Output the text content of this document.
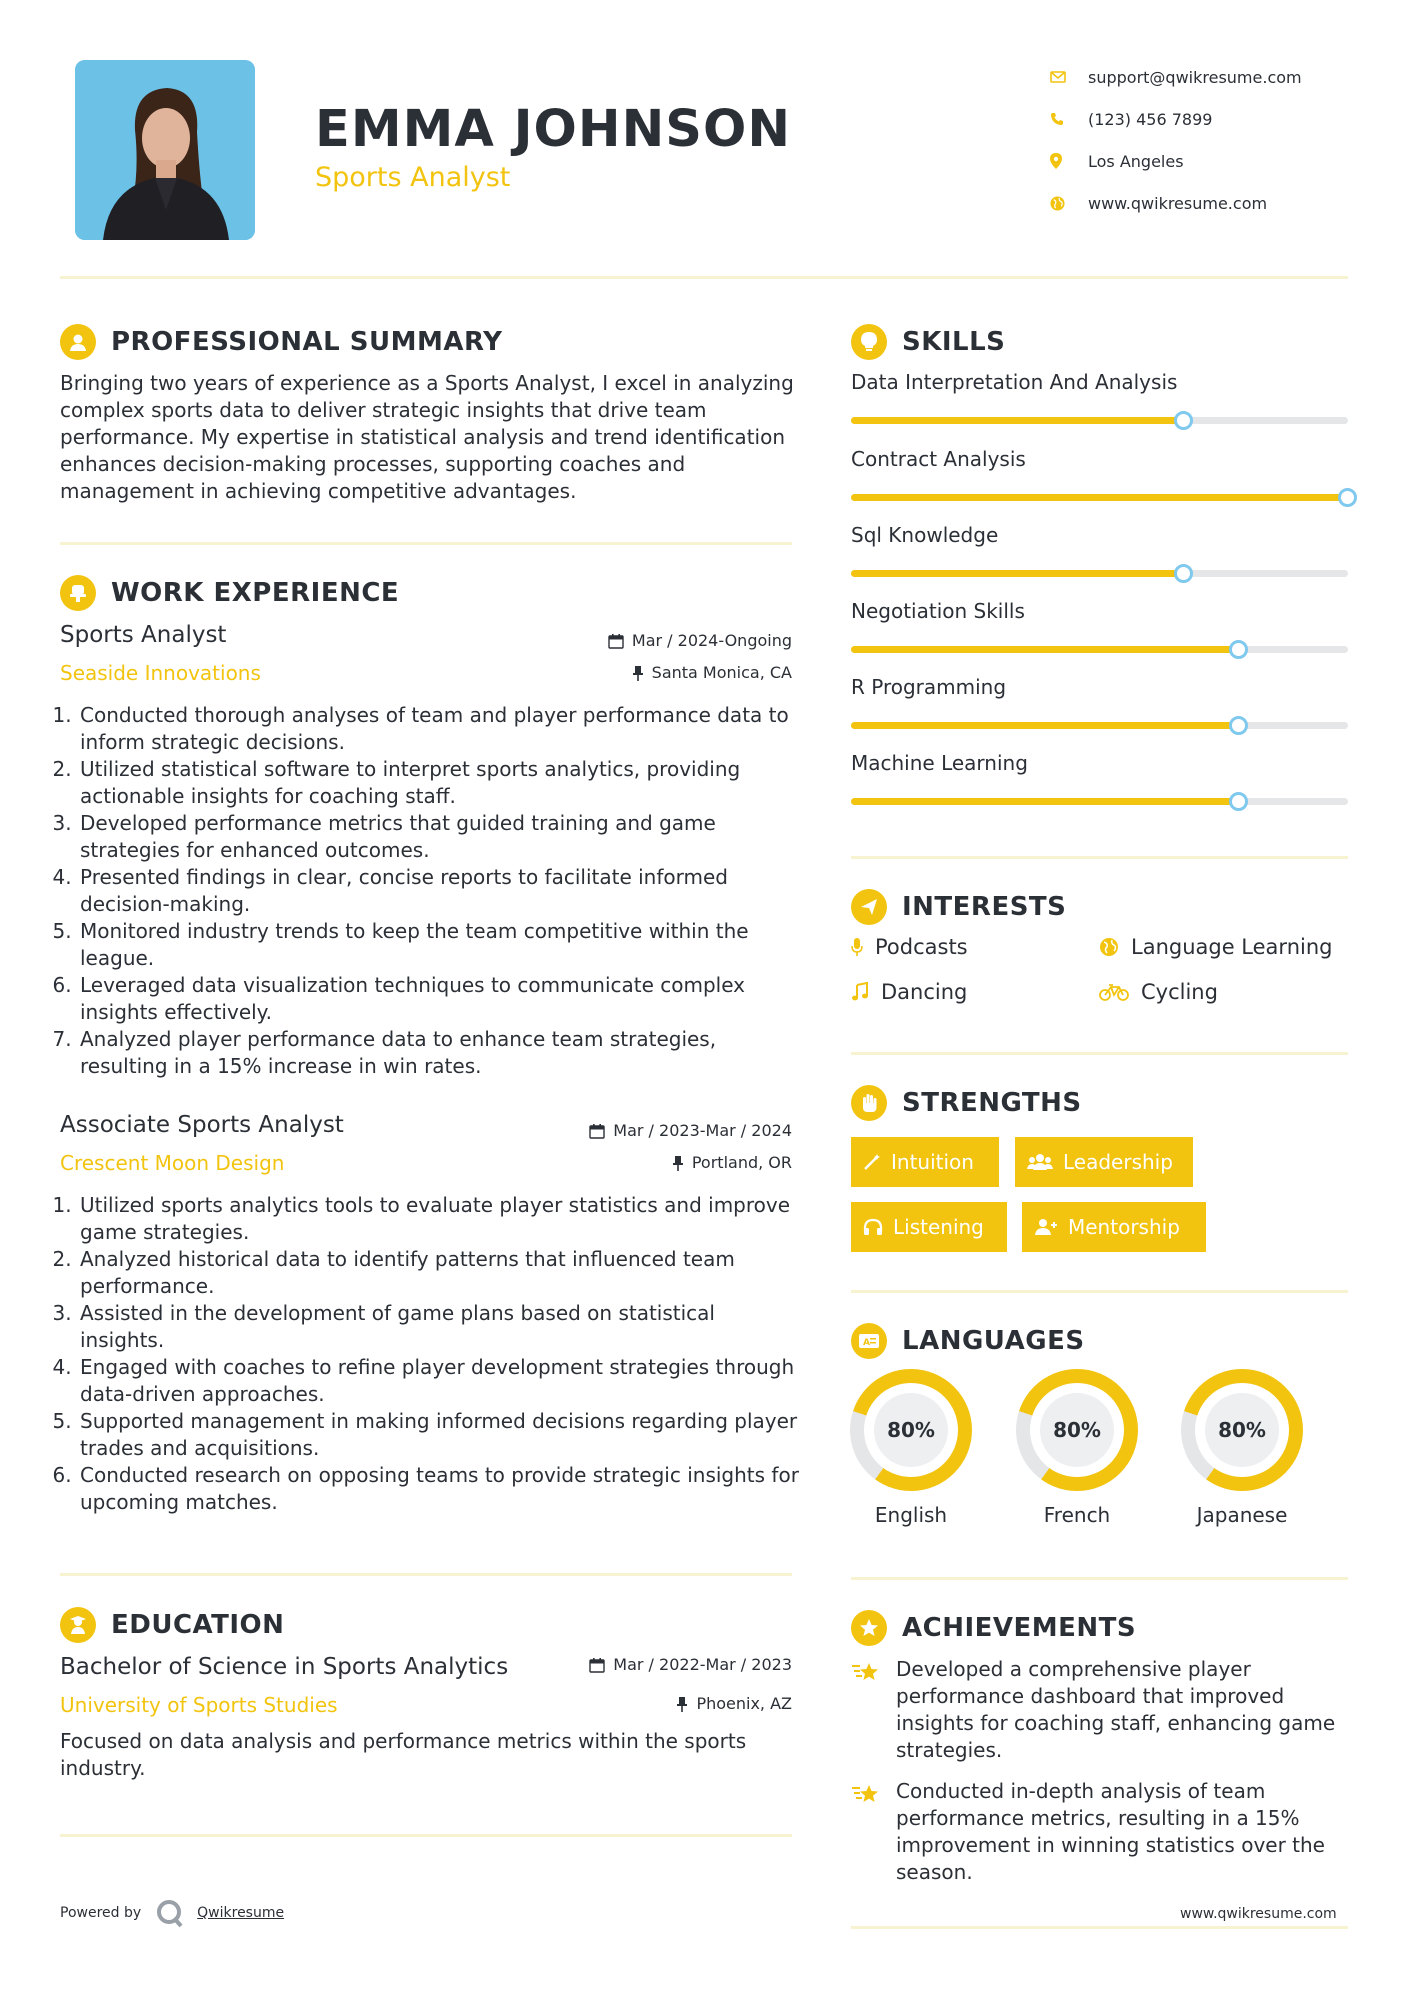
EMMA JOHNSON
Sports Analyst
support@qwikresume.com
(123) 456 7899
Los Angeles
www.qwikresume.com
PROFESSIONAL SUMMARY
Bringing two years of experience as a Sports Analyst, I excel in analyzing complex sports data to deliver strategic insights that drive team performance. My expertise in statistical analysis and trend identification enhances decision-making processes, supporting coaches and management in achieving competitive advantages.
WORK EXPERIENCE
Sports Analyst
Seaside Innovations
Mar / 2024-Ongoing
Santa Monica, CA
1. Conducted thorough analyses of team and player performance data to inform strategic decisions.
2. Utilized statistical software to interpret sports analytics, providing actionable insights for coaching staff.
3. Developed performance metrics that guided training and game strategies for enhanced outcomes.
4. Presented findings in clear, concise reports to facilitate informed decision-making.
5. Monitored industry trends to keep the team competitive within the league.
6. Leveraged data visualization techniques to communicate complex insights effectively.
7. Analyzed player performance data to enhance team strategies, resulting in a 15% increase in win rates.
Associate Sports Analyst
Crescent Moon Design
Mar / 2023-Mar / 2024
Portland, OR
1. Utilized sports analytics tools to evaluate player statistics and improve game strategies.
2. Analyzed historical data to identify patterns that influenced team performance.
3. Assisted in the development of game plans based on statistical insights.
4. Engaged with coaches to refine player development strategies through data-driven approaches.
5. Supported management in making informed decisions regarding player trades and acquisitions.
6. Conducted research on opposing teams to provide strategic insights for upcoming matches.
EDUCATION
Bachelor of Science in Sports Analytics
University of Sports Studies
Mar / 2022-Mar / 2023
Phoenix, AZ
Focused on data analysis and performance metrics within the sports industry.
SKILLS
Data Interpretation And Analysis
Contract Analysis
Sql Knowledge
Negotiation Skills
R Programming
Machine Learning
INTERESTS
Podcasts	Language Learning
Dancing	Cycling
STRENGTHS
Intuition	Leadership
Listening	Mentorship
A LANGUAGES
80%
English
80%
French
80%
Japanese
ACHIEVEMENTS
Developed a comprehensive player performance dashboard that improved insights for coaching staff, enhancing game strategies.
Conducted in-depth analysis of team performance metrics, resulting in a 15% improvement in winning statistics over the season.
Powered by	Qwikresume	www.qwikresume.com
